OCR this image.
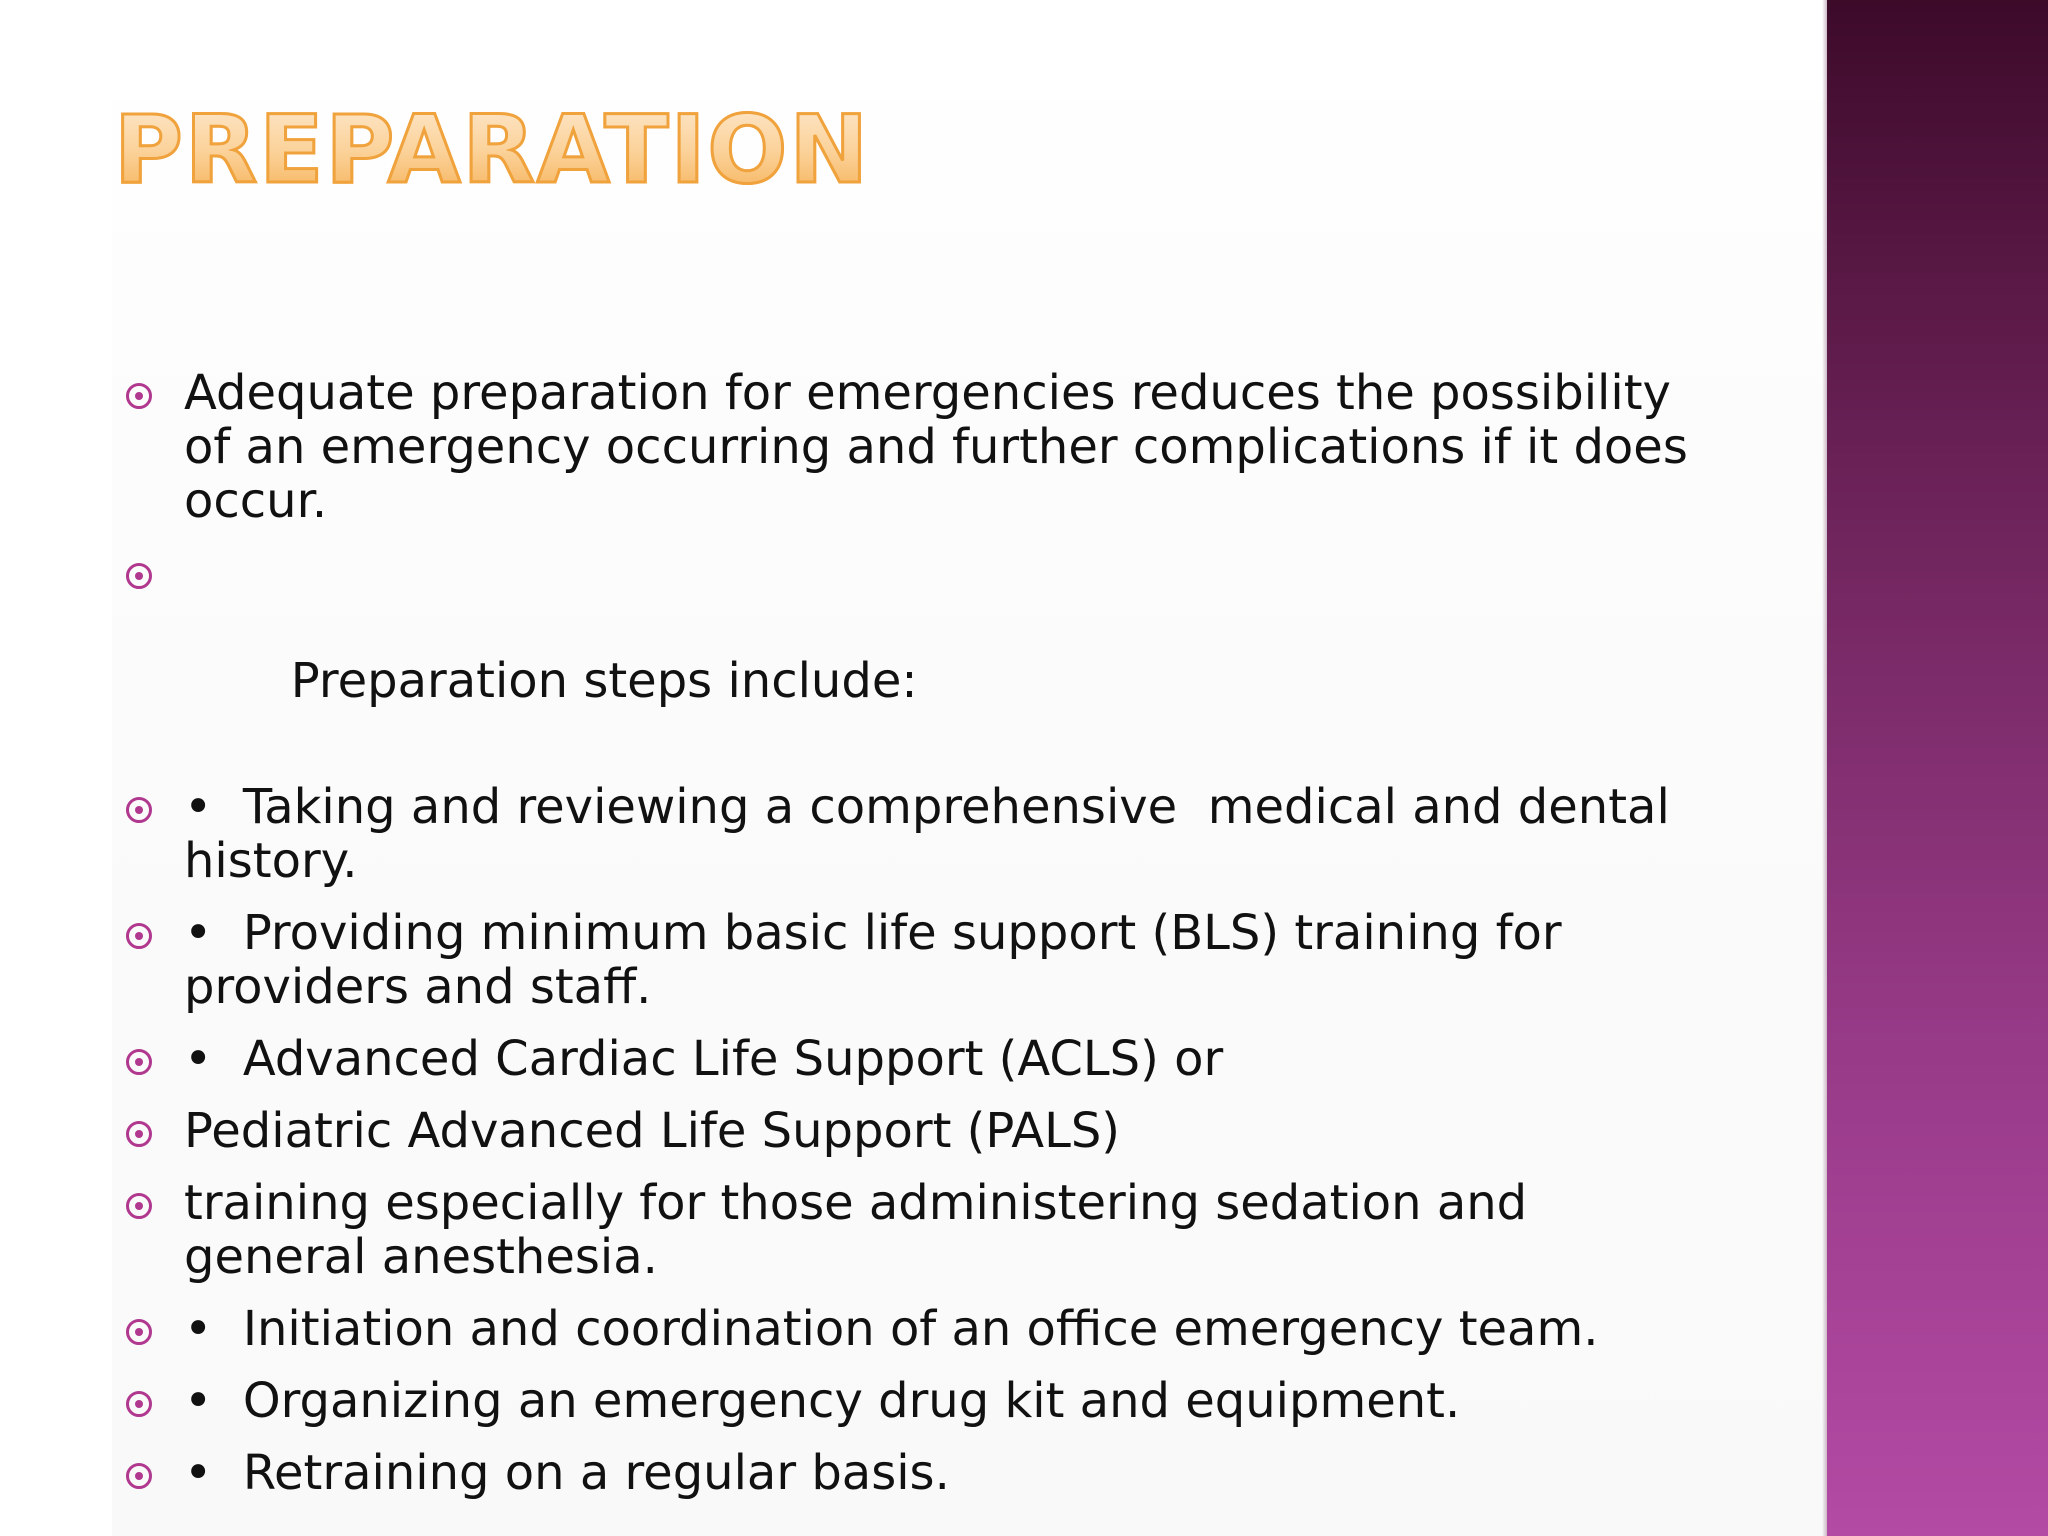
PREPARATION
Adequate preparation for emergencies reduces the possibility of an emergency occurring and further complications if it does occur.

Preparation steps include:

•  Taking and reviewing a comprehensive  medical and dental history.
•  Providing minimum basic life support (BLS) training for providers and staff.
•  Advanced Cardiac Life Support (ACLS) or
Pediatric Advanced Life Support (PALS)
training especially for those administering sedation and general anesthesia.
•  Initiation and coordination of an office emergency team.
•  Organizing an emergency drug kit and equipment.
•  Retraining on a regular basis.
